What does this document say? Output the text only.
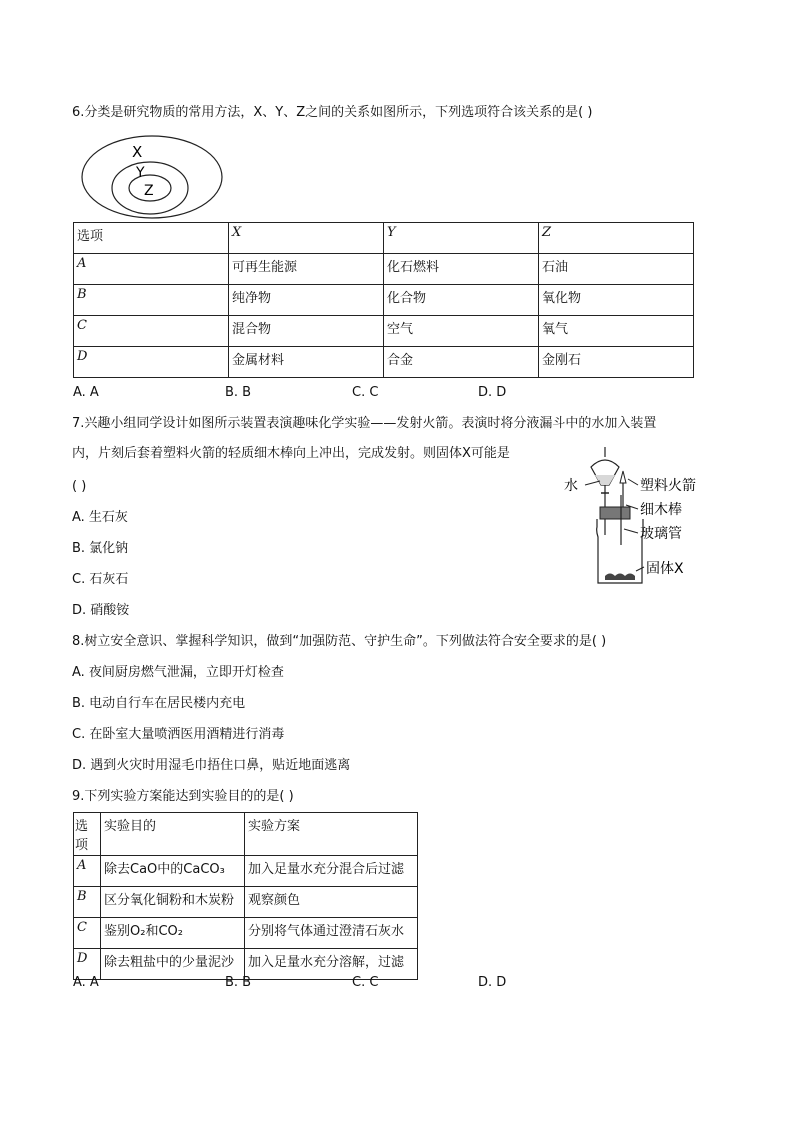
6.分类是研究物质的常用方法，X、Y、Z之间的关系如图所示，下列选项符合该关系的是( )
X
Y
Z
选项	X	Y	Z
A	可再生能源	化石燃料	石油
B	纯净物	化合物	氧化物
C	混合物	空气	氧气
D	金属材料	合金	金刚石
A. A	B. B	C. C	D. D
7.兴趣小组同学设计如图所示装置表演趣味化学实验——发射火箭。表演时将分液漏斗中的水加入装置
内，片刻后套着塑料火箭的轻质细木棒向上冲出，完成发射。则固体X可能是
( )
A. 生石灰
B. 氯化钠
C. 石灰石
D. 硝酸铵
水	塑料火箭
细木棒
玻璃管
固体X
8.树立安全意识、掌握科学知识，做到“加强防范、守护生命”。下列做法符合安全要求的是( )
A. 夜间厨房燃气泄漏，立即开灯检查
B. 电动自行车在居民楼内充电
C. 在卧室大量喷洒医用酒精进行消毒
D. 遇到火灾时用湿毛巾捂住口鼻，贴近地面逃离
9.下列实验方案能达到实验目的的是( )
选项	实验目的	实验方案
A	除去CaO中的CaCO₃	加入足量水充分混合后过滤
B	区分氧化铜粉和木炭粉	观察颜色
C	鉴别O₂和CO₂	分别将气体通过澄清石灰水
D	除去粗盐中的少量泥沙	加入足量水充分溶解，过滤
A. A	B. B	C. C	D. D
